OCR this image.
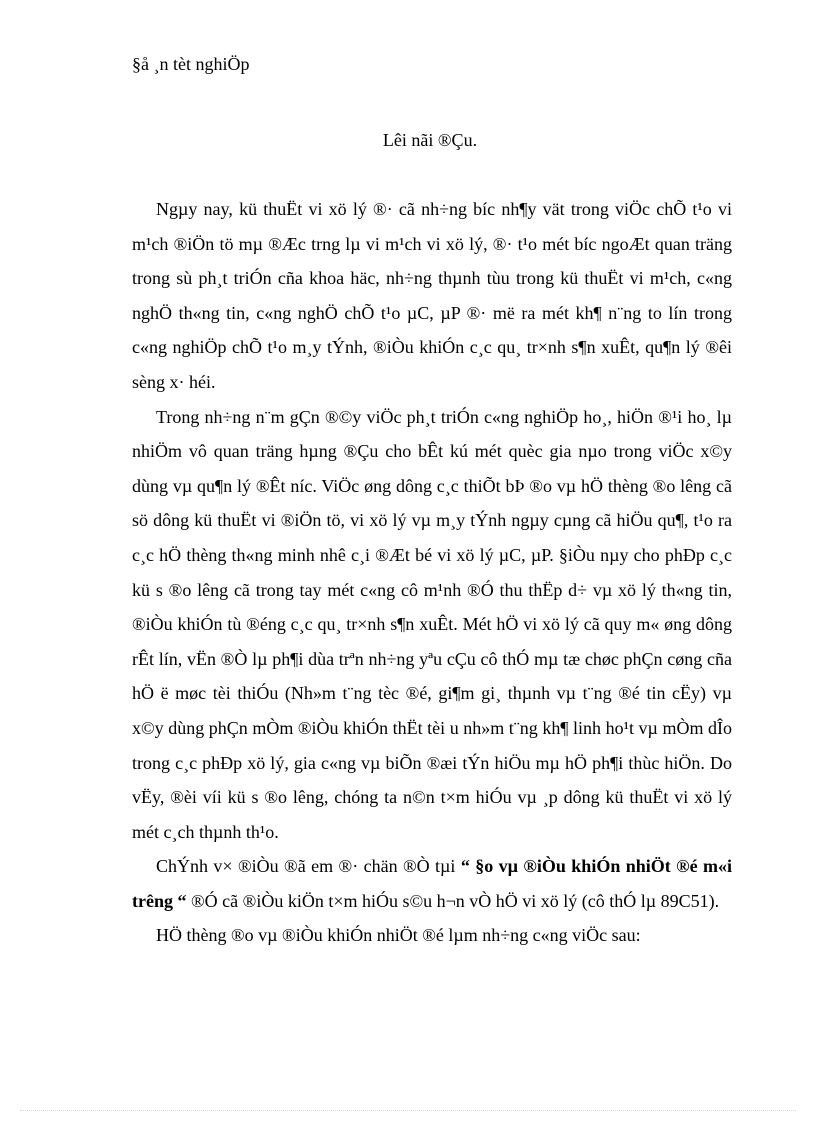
§å ¸n tèt nghiÖp
Lêi nãi ®Çu.

Ngµy nay, kü thuËt vi xö lý ®· cã nh÷ng bíc nh¶y vät trong viÖc chÕ t¹o vi m¹ch ®iÖn tö mµ ®Æc trng lµ vi m¹ch vi xö lý, ®· t¹o mét bíc ngoÆt quan träng trong sù ph¸t triÓn cña khoa häc, nh÷ng thµnh tùu trong kü thuËt vi m¹ch, c«ng nghÖ th«ng tin, c«ng nghÖ chÕ t¹o µC, µP ®· më ra mét kh¶ n¨ng to lín trong c«ng nghiÖp chÕ t¹o m¸y tÝnh, ®iÒu khiÓn c¸c qu¸ tr×nh s¶n xuÊt, qu¶n lý ®êi sèng x· héi.

Trong nh÷ng n¨m gÇn ®©y viÖc ph¸t triÓn c«ng nghiÖp ho¸, hiÖn ®¹i ho¸ lµ nhiÖm vô quan träng hµng ®Çu cho bÊt kú mét quèc gia nµo trong viÖc x©y dùng vµ qu¶n lý ®Êt níc. ViÖc øng dông c¸c thiÕt bÞ ®o vµ hÖ thèng ®o lêng cã sö dông kü thuËt vi ®iÖn tö, vi xö lý vµ m¸y tÝnh ngµy cµng cã hiÖu qu¶, t¹o ra c¸c hÖ thèng th«ng minh nhê c¸i ®Æt bé vi xö lý µC, µP. §iÒu nµy cho phÐp c¸c kü s ®o lêng cã trong tay mét c«ng cô m¹nh ®Ó thu thËp d÷ vµ xö lý th«ng tin, ®iÒu khiÓn tù ®éng c¸c qu¸ tr×nh s¶n xuÊt. Mét hÖ vi xö lý cã quy m« øng dông rÊt lín, vËn ®Ò lµ ph¶i dùa trªn nh÷ng yªu cÇu cô thÓ mµ tæ chøc phÇn cøng cña hÖ ë møc tèi thiÓu (Nh»m t¨ng tèc ®é, gi¶m gi¸ thµnh vµ t¨ng ®é tin cËy) vµ x©y dùng phÇn mÒm ®iÒu khiÓn thËt tèi u nh»m t¨ng kh¶ linh ho¹t vµ mÒm dÎo trong c¸c phÐp xö lý, gia c«ng vµ biÕn ®æi tÝn hiÖu mµ hÖ ph¶i thùc hiÖn. Do vËy, ®èi víi kü s ®o lêng, chóng ta n©n t×m hiÓu vµ ¸p dông kü thuËt vi xö lý mét c¸ch thµnh th¹o.

ChÝnh v× ®iÒu ®ã em ®· chän ®Ò tµi “ §o vµ ®iÒu khiÓn nhiÖt ®é m«i trêng “ ®Ó cã ®iÒu kiÖn t×m hiÓu s©u h¬n vÒ hÖ vi xö lý (cô thÓ lµ 89C51).

HÖ thèng ®o vµ ®iÒu khiÓn nhiÖt ®é lµm nh÷ng c«ng viÖc sau:
